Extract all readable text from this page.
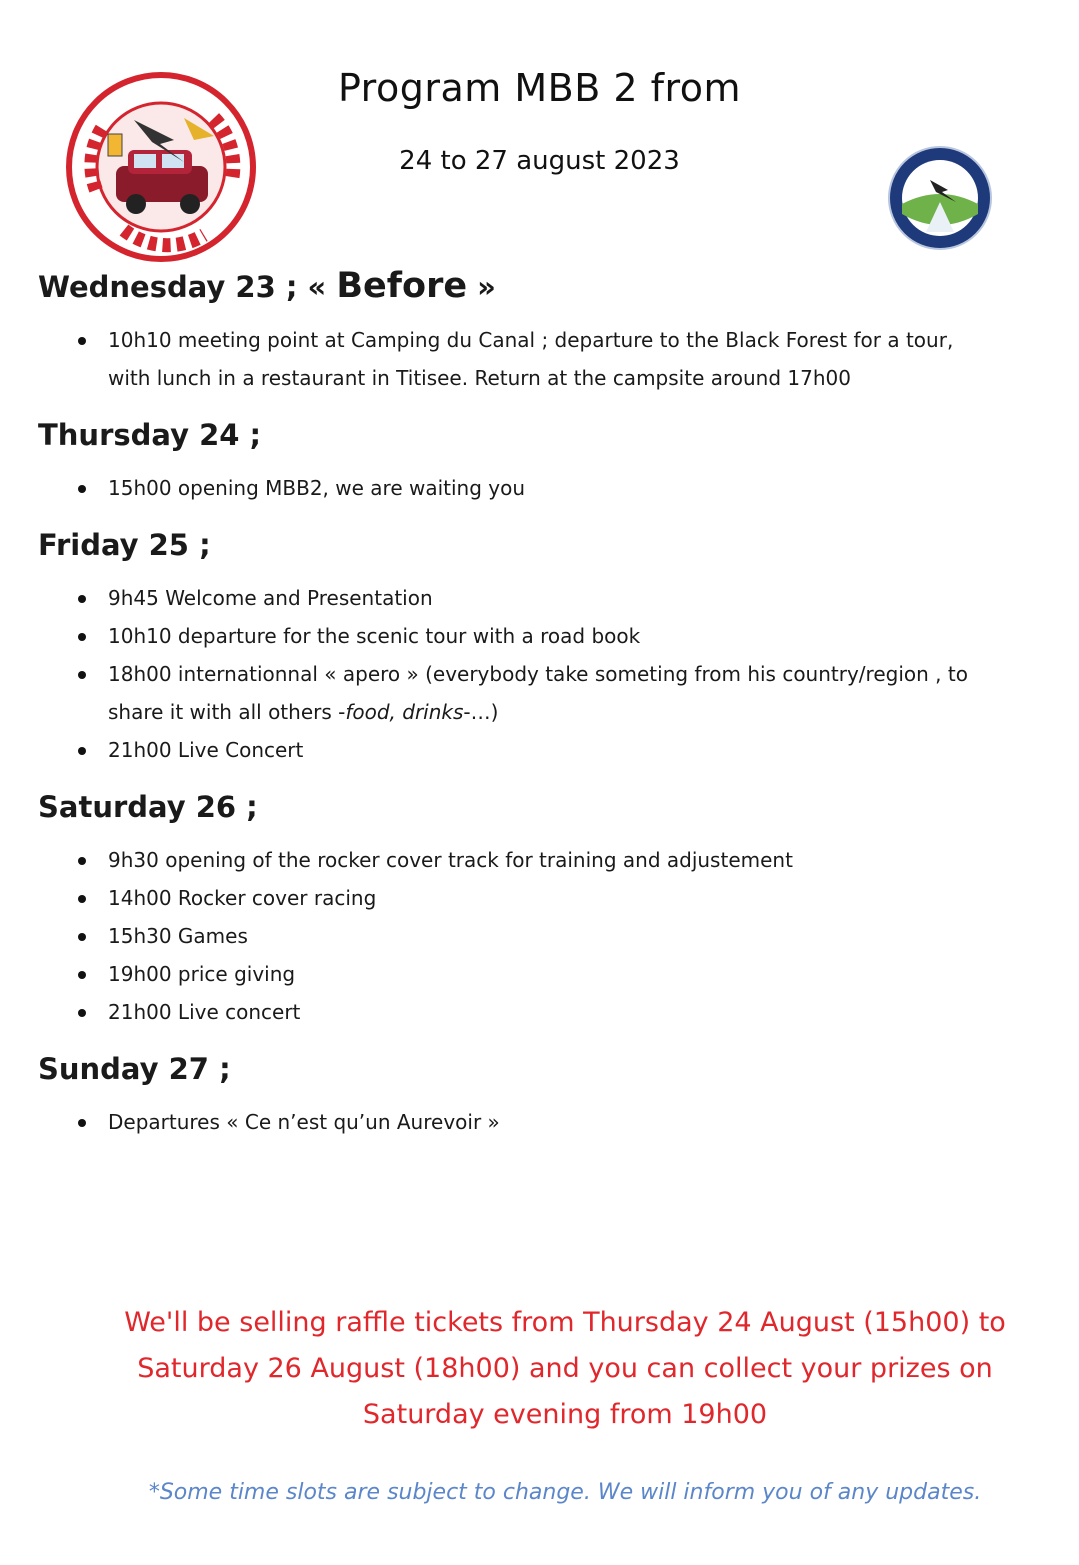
Program MBB 2 from
24 to 27 august 2023
Wednesday 23 ; « Before »
10h10 meeting point at Camping du Canal ; departure to the Black Forest for a tour,
with lunch in a restaurant in Titisee. Return at the campsite around 17h00
Thursday 24 ;
15h00 opening MBB2, we are waiting you
Friday 25 ;
9h45 Welcome and Presentation
10h10 departure for the scenic tour with a road book
18h00 internationnal « apero » (everybody take someting from his country/region , to
share it with all others -food, drinks-…)
21h00 Live Concert
Saturday 26 ;
9h30 opening of the rocker cover track for training and adjustement
14h00 Rocker cover racing
15h30 Games
19h00 price giving
21h00 Live concert
Sunday 27 ;
Departures « Ce n’est qu’un Aurevoir »
We'll be selling raffle tickets from Thursday 24 August (15h00) to
Saturday 26 August (18h00) and you can collect your prizes on
Saturday evening from 19h00
*Some time slots are subject to change. We will inform you of any updates.
